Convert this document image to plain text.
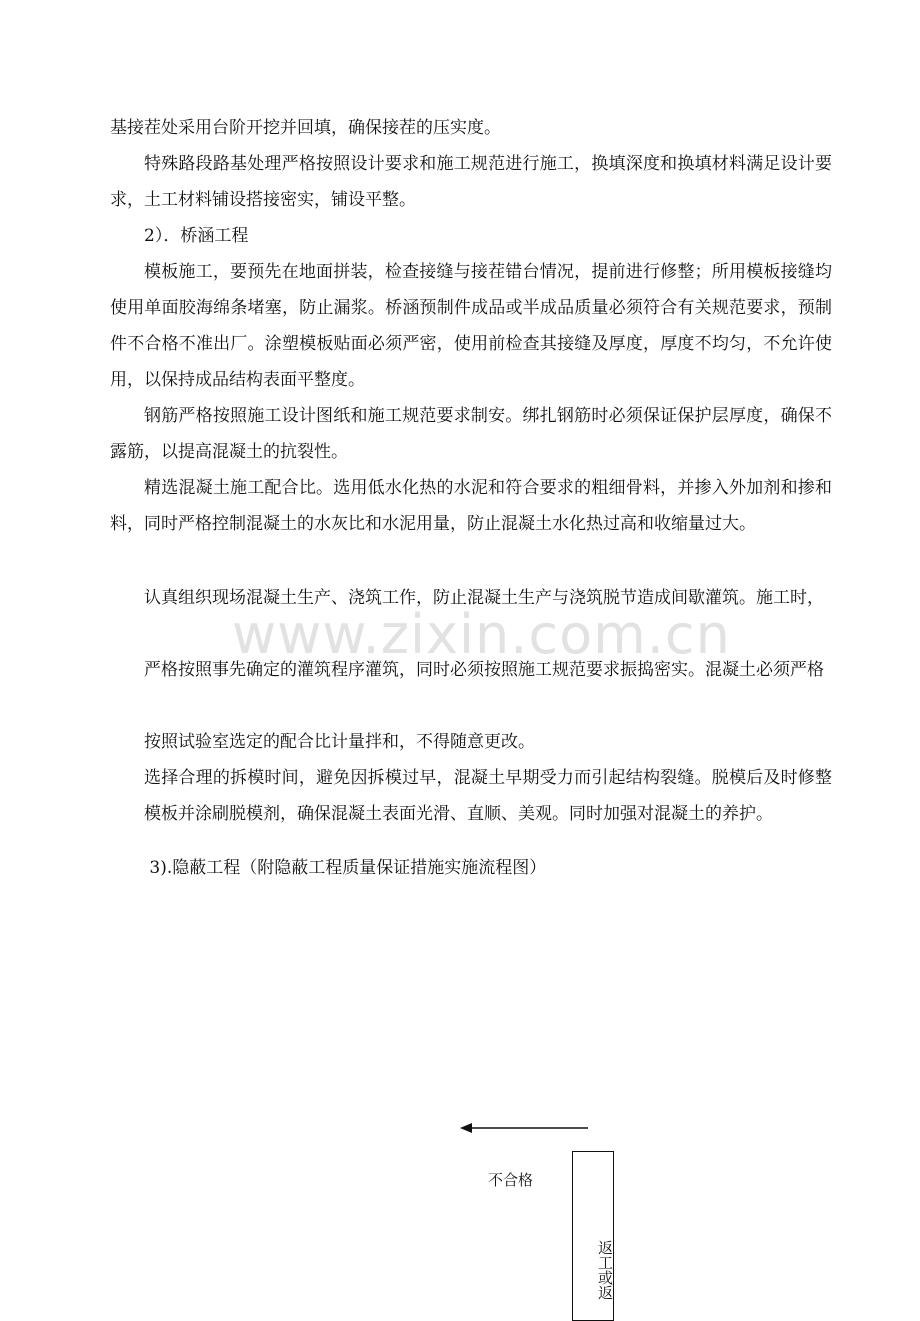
基接茬处采用台阶开挖并回填，确保接茬的压实度。

特殊路段路基处理严格按照设计要求和施工规范进行施工，换填深度和换填材料满足设计要求，土工材料铺设搭接密实，铺设平整。

2）．桥涵工程

模板施工，要预先在地面拼装，检查接缝与接茬错台情况，提前进行修整；所用模板接缝均使用单面胶海绵条堵塞，防止漏浆。桥涵预制件成品或半成品质量必须符合有关规范要求，预制件不合格不准出厂。涂塑模板贴面必须严密，使用前检查其接缝及厚度，厚度不均匀，不允许使用，以保持成品结构表面平整度。

钢筋严格按照施工设计图纸和施工规范要求制安。绑扎钢筋时必须保证保护层厚度，确保不露筋，以提高混凝土的抗裂性。

精选混凝土施工配合比。选用低水化热的水泥和符合要求的粗细骨料，并掺入外加剂和掺和料，同时严格控制混凝土的水灰比和水泥用量，防止混凝土水化热过高和收缩量过大。

认真组织现场混凝土生产、浇筑工作，防止混凝土生产与浇筑脱节造成间歇灌筑。施工时，

严格按照事先确定的灌筑程序灌筑，同时必须按照施工规范要求振捣密实。混凝土必须严格

按照试验室选定的配合比计量拌和，不得随意更改。

选择合理的拆模时间，避免因拆模过早，混凝土早期受力而引起结构裂缝。脱模后及时修整模板并涂刷脱模剂，确保混凝土表面光滑、直顺、美观。同时加强对混凝土的养护。

3).隐蔽工程（附隐蔽工程质量保证措施实施流程图）

www.zixin.com.cn
不合格
返工或返
